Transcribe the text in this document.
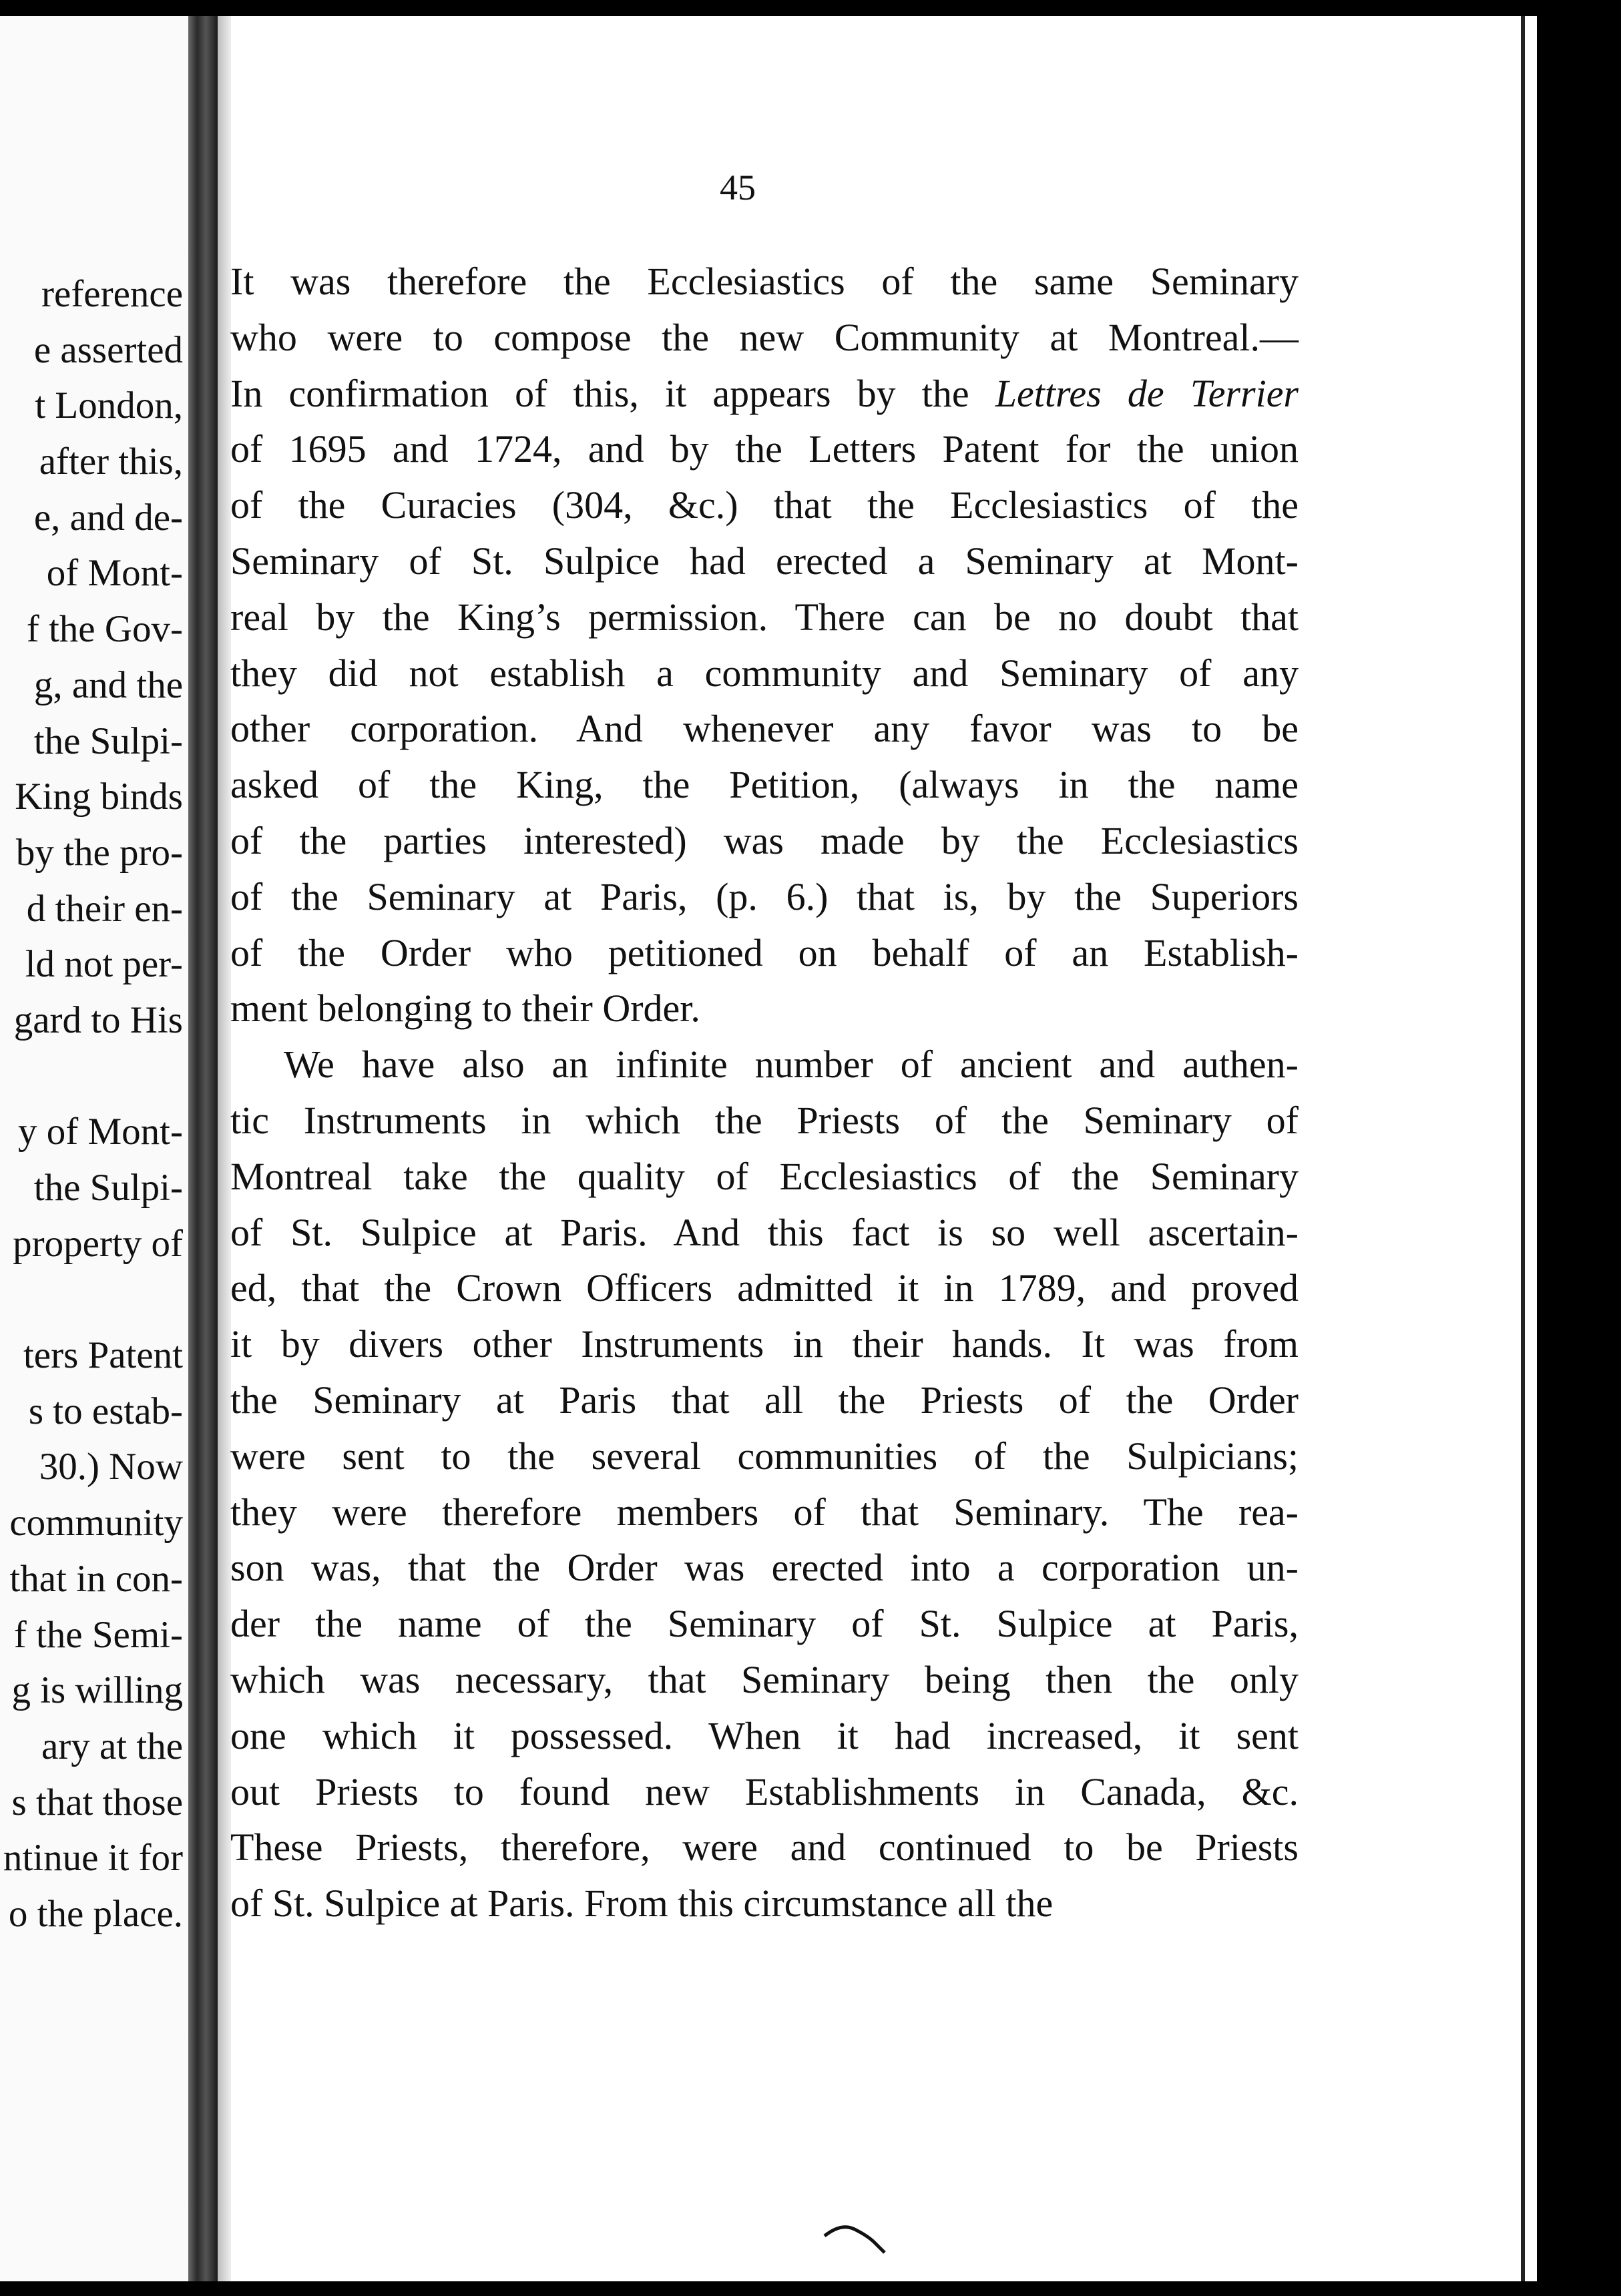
reference
e asserted
t London,
after this,
e, and de-
of Mont-
f the Gov-
g, and the
the Sulpi-
King binds
by the pro-
d their en-
ld not per-
gard to His
y of Mont-
the Sulpi-
property of
ters Patent
s to estab-
30.) Now
community
that in con-
f the Semi-
g is willing
ary at the
s that those
ntinue it for
o the place.
45
It was therefore the Ecclesiastics of the same Seminary
who were to compose the new Community at Montreal.—
In confirmation of this, it appears by the Lettres de Terrier
of 1695 and 1724, and by the Letters Patent for the union
of the Curacies (304, &c.) that the Ecclesiastics of the
Seminary of St. Sulpice had erected a Seminary at Mont-
real by the King’s permission. There can be no doubt that
they did not establish a community and Seminary of any
other corporation. And whenever any favor was to be
asked of the King, the Petition, (always in the name
of the parties interested) was made by the Ecclesiastics
of the Seminary at Paris, (p. 6.) that is, by the Superiors
of the Order who petitioned on behalf of an Establish-
ment belonging to their Order.
We have also an infinite number of ancient and authen-
tic Instruments in which the Priests of the Seminary of
Montreal take the quality of Ecclesiastics of the Seminary
of St. Sulpice at Paris. And this fact is so well ascertain-
ed, that the Crown Officers admitted it in 1789, and proved
it by divers other Instruments in their hands. It was from
the Seminary at Paris that all the Priests of the Order
were sent to the several communities of the Sulpicians;
they were therefore members of that Seminary. The rea-
son was, that the Order was erected into a corporation un-
der the name of the Seminary of St. Sulpice at Paris,
which was necessary, that Seminary being then the only
one which it possessed. When it had increased, it sent
out Priests to found new Establishments in Canada, &c.
These Priests, therefore, were and continued to be Priests
of St. Sulpice at Paris. From this circumstance all the
